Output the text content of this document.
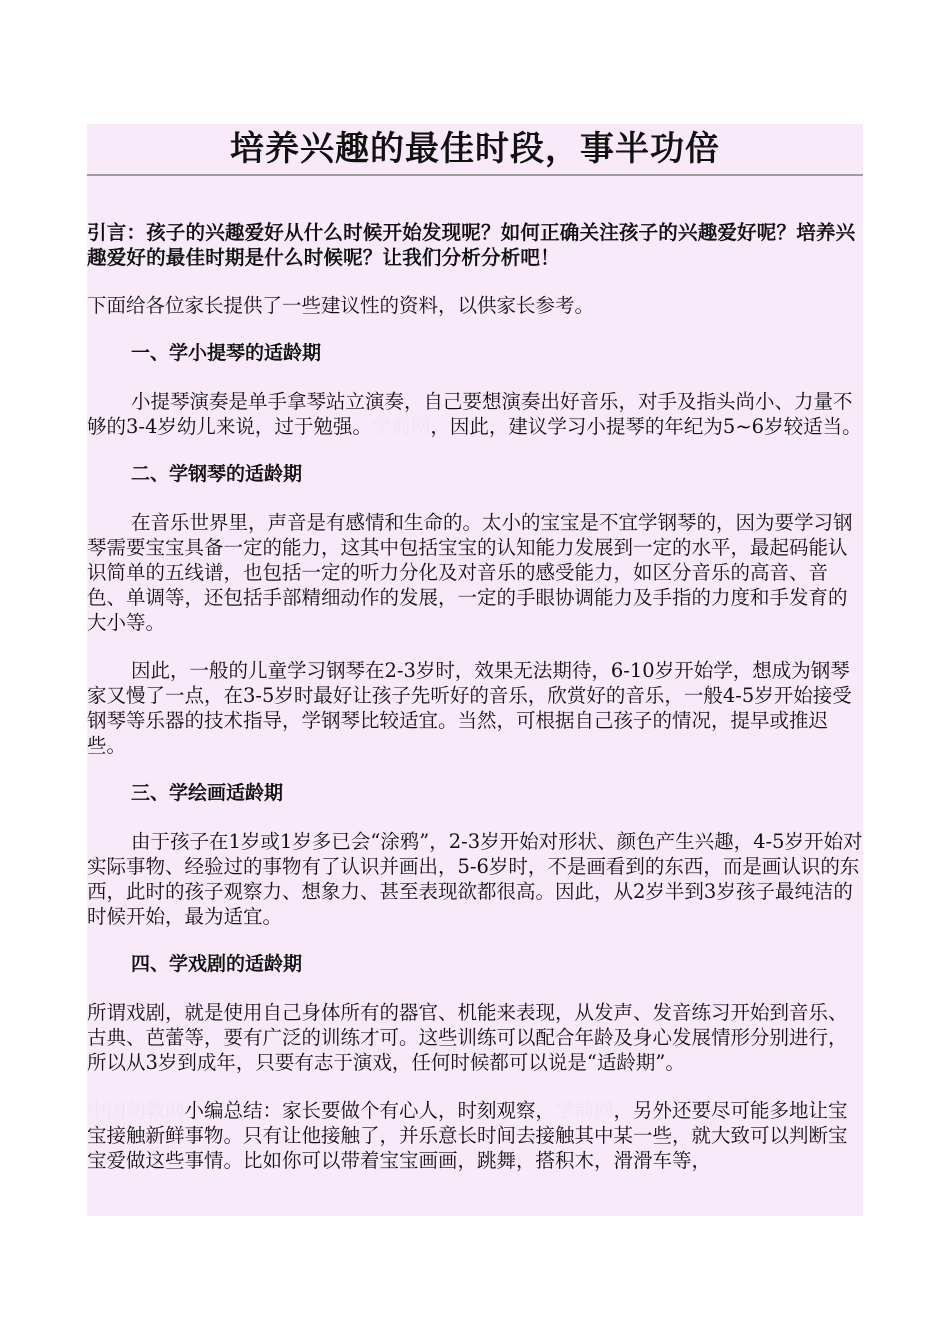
培养兴趣的最佳时段，事半功倍

引言：孩子的兴趣爱好从什么时候开始发现呢？如何正确关注孩子的兴趣爱好呢？培养兴趣爱好的最佳时期是什么时候呢？让我们分析分析吧！

下面给各位家长提供了一些建议性的资料，以供家长参考。

一、学小提琴的适龄期

小提琴演奏是单手拿琴站立演奏，自己要想演奏出好音乐，对手及指头尚小、力量不够的3-4岁幼儿来说，过于勉强。学前网，因此，建议学习小提琴的年纪为5~6岁较适当。

二、学钢琴的适龄期

在音乐世界里，声音是有感情和生命的。太小的宝宝是不宜学钢琴的，因为要学习钢琴需要宝宝具备一定的能力，这其中包括宝宝的认知能力发展到一定的水平，最起码能认识简单的五线谱，也包括一定的听力分化及对音乐的感受能力，如区分音乐的高音、音色、单调等，还包括手部精细动作的发展，一定的手眼协调能力及手指的力度和手发育的大小等。

因此，一般的儿童学习钢琴在2-3岁时，效果无法期待，6-10岁开始学，想成为钢琴家又慢了一点，在3-5岁时最好让孩子先听好的音乐，欣赏好的音乐，一般4-5岁开始接受钢琴等乐器的技术指导，学钢琴比较适宜。当然，可根据自己孩子的情况，提早或推迟些。

三、学绘画适龄期

由于孩子在1岁或1岁多已会“涂鸦”，2-3岁开始对形状、颜色产生兴趣，4-5岁开始对实际事物、经验过的事物有了认识并画出，5-6岁时，不是画看到的东西，而是画认识的东西，此时的孩子观察力、想象力、甚至表现欲都很高。因此，从2岁半到3岁孩子最纯洁的时候开始，最为适宜。

四、学戏剧的适龄期

所谓戏剧，就是使用自己身体所有的器官、机能来表现，从发声、发音练习开始到音乐、古典、芭蕾等，要有广泛的训练才可。这些训练可以配合年龄及身心发展情形分别进行，所以从3岁到成年，只要有志于演戏，任何时候都可以说是“适龄期”。

中国幼教网小编总结：家长要做个有心人，时刻观察，学前网，另外还要尽可能多地让宝宝接触新鲜事物。只有让他接触了，并乐意长时间去接触其中某一些，就大致可以判断宝宝爱做这些事情。比如你可以带着宝宝画画，跳舞，搭积木，滑滑车等，
